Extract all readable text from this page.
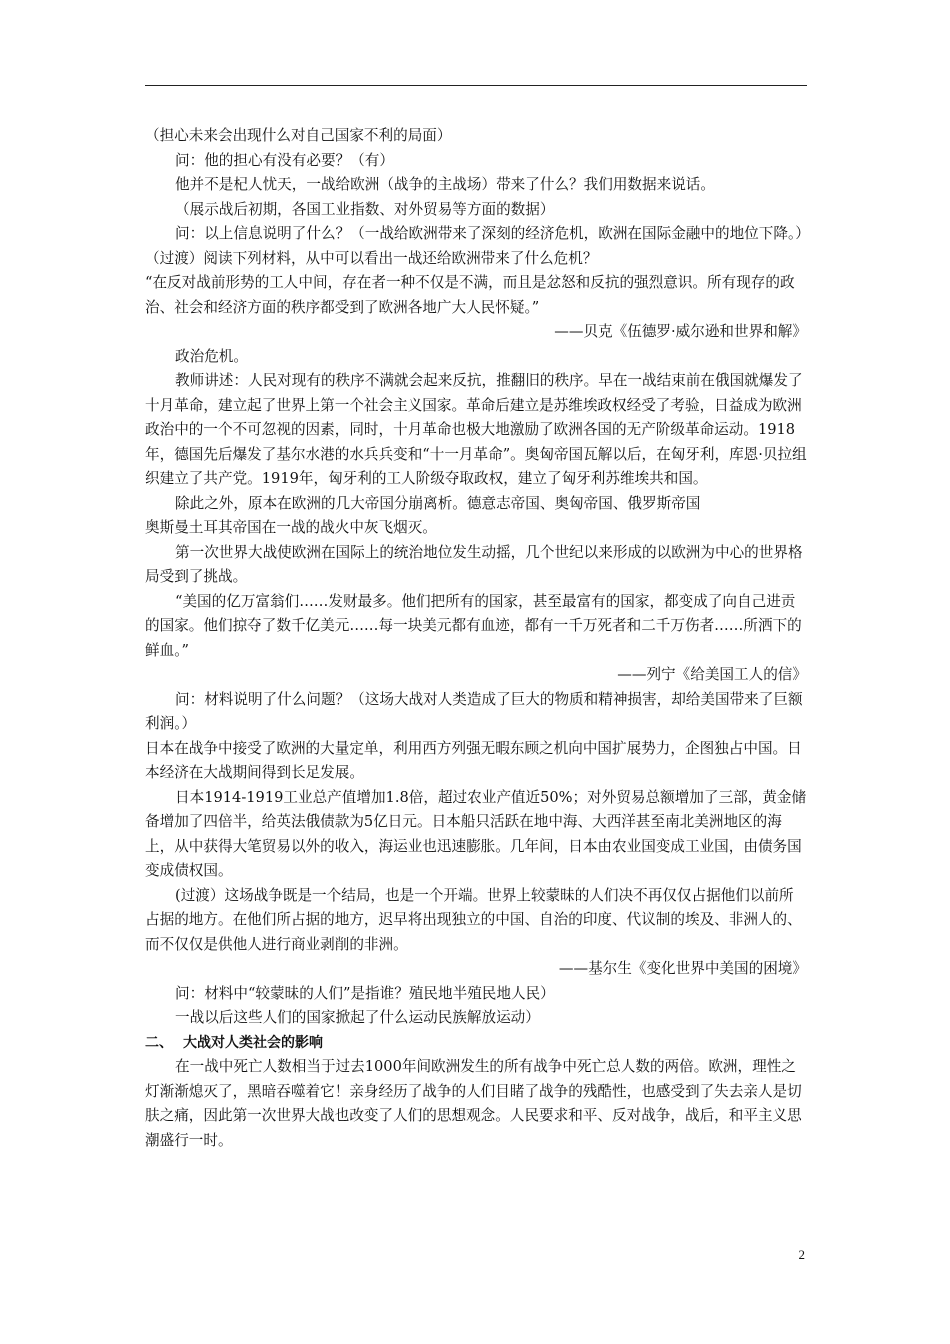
（担心未来会出现什么对自己国家不利的局面）

问：他的担心有没有必要？（有）

他并不是杞人忧天，一战给欧洲（战争的主战场）带来了什么？我们用数据来说话。

（展示战后初期，各国工业指数、对外贸易等方面的数据）

问：以上信息说明了什么？（一战给欧洲带来了深刻的经济危机，欧洲在国际金融中的地位下降。）

（过渡）阅读下列材料，从中可以看出一战还给欧洲带来了什么危机？

“在反对战前形势的工人中间，存在者一种不仅是不满，而且是忿怒和反抗的强烈意识。所有现存的政治、社会和经济方面的秩序都受到了欧洲各地广大人民怀疑。”

——贝克《伍德罗·威尔逊和世界和解》

政治危机。

教师讲述：人民对现有的秩序不满就会起来反抗，推翻旧的秩序。早在一战结束前在俄国就爆发了十月革命，建立起了世界上第一个社会主义国家。革命后建立是苏维埃政权经受了考验，日益成为欧洲政治中的一个不可忽视的因素，同时，十月革命也极大地激励了欧洲各国的无产阶级革命运动。1918年，德国先后爆发了基尔水港的水兵兵变和“十一月革命”。奥匈帝国瓦解以后，在匈牙利，库恩·贝拉组织建立了共产党。1919年，匈牙利的工人阶级夺取政权，建立了匈牙利苏维埃共和国。

除此之外，原本在欧洲的几大帝国分崩离析。德意志帝国、奥匈帝国、俄罗斯帝国

奥斯曼土耳其帝国在一战的战火中灰飞烟灭。

第一次世界大战使欧洲在国际上的统治地位发生动摇，几个世纪以来形成的以欧洲为中心的世界格局受到了挑战。

“美国的亿万富翁们……发财最多。他们把所有的国家，甚至最富有的国家，都变成了向自己进贡的国家。他们掠夺了数千亿美元……每一块美元都有血迹，都有一千万死者和二千万伤者……所洒下的鲜血。”

——列宁《给美国工人的信》

问：材料说明了什么问题？（这场大战对人类造成了巨大的物质和精神损害，却给美国带来了巨额利润。）

日本在战争中接受了欧洲的大量定单，利用西方列强无暇东顾之机向中国扩展势力，企图独占中国。日本经济在大战期间得到长足发展。

日本1914-1919工业总产值增加1.8倍，超过农业产值近50%；对外贸易总额增加了三部，黄金储备增加了四倍半，给英法俄债款为5亿日元。日本船只活跃在地中海、大西洋甚至南北美洲地区的海上，从中获得大笔贸易以外的收入，海运业也迅速膨胀。几年间，日本由农业国变成工业国，由债务国变成债权国。

(过渡）这场战争既是一个结局，也是一个开端。世界上较蒙昧的人们决不再仅仅占据他们以前所占据的地方。在他们所占据的地方，迟早将出现独立的中国、自治的印度、代议制的埃及、非洲人的、而不仅仅是供他人进行商业剥削的非洲。

——基尔生《变化世界中美国的困境》

问：材料中“较蒙昧的人们”是指谁？殖民地半殖民地人民）

一战以后这些人们的国家掀起了什么运动民族解放运动）

二、 大战对人类社会的影响

在一战中死亡人数相当于过去1000年间欧洲发生的所有战争中死亡总人数的两倍。欧洲，理性之灯渐渐熄灭了，黑暗吞噬着它！亲身经历了战争的人们目睹了战争的残酷性，也感受到了失去亲人是切肤之痛，因此第一次世界大战也改变了人们的思想观念。人民要求和平、反对战争，战后，和平主义思潮盛行一时。

2
